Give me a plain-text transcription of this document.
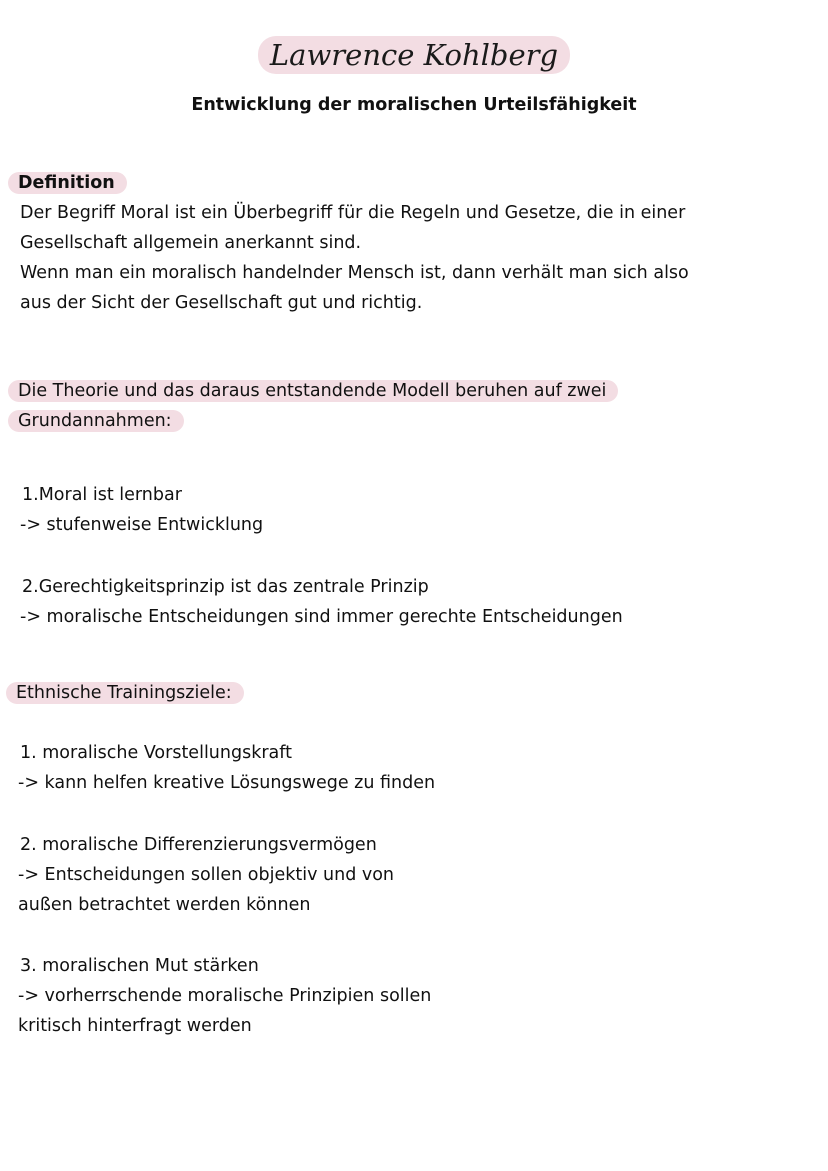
Lawrence Kohlberg
Entwicklung der moralischen Urteilsfähigkeit
Definition
Der Begriff Moral ist ein Überbegriff für die Regeln und Gesetze, die in einer
Gesellschaft allgemein anerkannt sind.
Wenn man ein moralisch handelnder Mensch ist, dann verhält man sich also
aus der Sicht der Gesellschaft gut und richtig.
Die Theorie und das daraus entstandende Modell beruhen auf zwei
Grundannahmen:
1.Moral ist lernbar
-> stufenweise Entwicklung
2.Gerechtigkeitsprinzip ist das zentrale Prinzip
-> moralische Entscheidungen sind immer gerechte Entscheidungen
Ethnische Trainingsziele:
1. moralische Vorstellungskraft
-> kann helfen kreative Lösungswege zu finden
2. moralische Differenzierungsvermögen
-> Entscheidungen sollen objektiv und von
außen betrachtet werden können
3. moralischen Mut stärken
-> vorherrschende moralische Prinzipien sollen
kritisch hinterfragt werden
